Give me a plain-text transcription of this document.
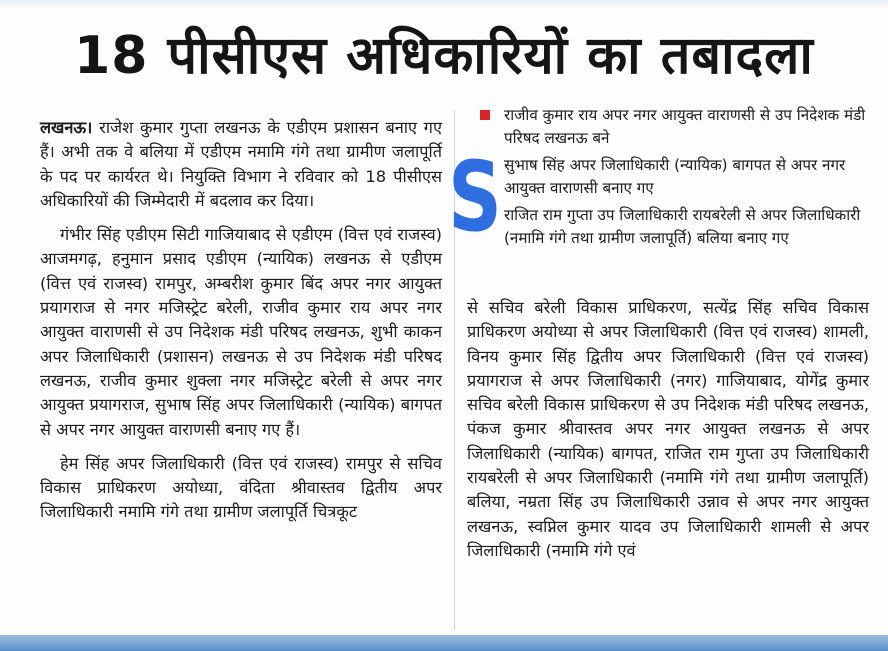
18 पीसीएस अधिकारियों का तबादला

लखनऊ। राजेश कुमार गुप्ता लखनऊ के एडीएम प्रशासन बनाए गए हैं। अभी तक वे बलिया में एडीएम नमामि गंगे तथा ग्रामीण जलापूर्ति के पद पर कार्यरत थे। नियुक्ति विभाग ने रविवार को 18 पीसीएस अधिकारियों की जिम्मेदारी में बदलाव कर दिया।

गंभीर सिंह एडीएम सिटी गाजियाबाद से एडीएम (वित्त एवं राजस्व) आजमगढ़, हनुमान प्रसाद एडीएम (न्यायिक) लखनऊ से एडीएम (वित्त एवं राजस्व) रामपुर, अम्बरीश कुमार बिंद अपर नगर आयुक्त प्रयागराज से नगर मजिस्ट्रेट बरेली, राजीव कुमार राय अपर नगर आयुक्त वाराणसी से उप निदेशक मंडी परिषद लखनऊ, शुभी काकन अपर जिलाधिकारी (प्रशासन) लखनऊ से उप निदेशक मंडी परिषद लखनऊ, राजीव कुमार शुक्ला नगर मजिस्ट्रेट बरेली से अपर नगर आयुक्त प्रयागराज, सुभाष सिंह अपर जिलाधिकारी (न्यायिक) बागपत से अपर नगर आयुक्त वाराणसी बनाए गए हैं।

हेम सिंह अपर जिलाधिकारी (वित्त एवं राजस्व) रामपुर से सचिव विकास प्राधिकरण अयोध्या, वंदिता श्रीवास्तव द्वितीय अपर जिलाधिकारी नमामि गंगे तथा ग्रामीण जलापूर्ति चित्रकूट

S
राजीव कुमार राय अपर नगर आयुक्त वाराणसी से उप निदेशक मंडी परिषद लखनऊ बने
सुभाष सिंह अपर जिलाधिकारी (न्यायिक) बागपत से अपर नगर आयुक्त वाराणसी बनाए गए
राजित राम गुप्ता उप जिलाधिकारी रायबरेली से अपर जिलाधिकारी (नमामि गंगे तथा ग्रामीण जलापूर्ति) बलिया बनाए गए

से सचिव बरेली विकास प्राधिकरण, सत्येंद्र सिंह सचिव विकास प्राधिकरण अयोध्या से अपर जिलाधिकारी (वित्त एवं राजस्व) शामली, विनय कुमार सिंह द्वितीय अपर जिलाधिकारी (वित्त एवं राजस्व) प्रयागराज से अपर जिलाधिकारी (नगर) गाजियाबाद, योगेंद्र कुमार सचिव बरेली विकास प्राधिकरण से उप निदेशक मंडी परिषद लखनऊ, पंकज कुमार श्रीवास्तव अपर नगर आयुक्त लखनऊ से अपर जिलाधिकारी (न्यायिक) बागपत, राजित राम गुप्ता उप जिलाधिकारी रायबरेली से अपर जिलाधिकारी (नमामि गंगे तथा ग्रामीण जलापूर्ति) बलिया, नम्रता सिंह उप जिलाधिकारी उन्नाव से अपर नगर आयुक्त लखनऊ, स्वप्निल कुमार यादव उप जिलाधिकारी शामली से अपर जिलाधिकारी (नमामि गंगे एवं
